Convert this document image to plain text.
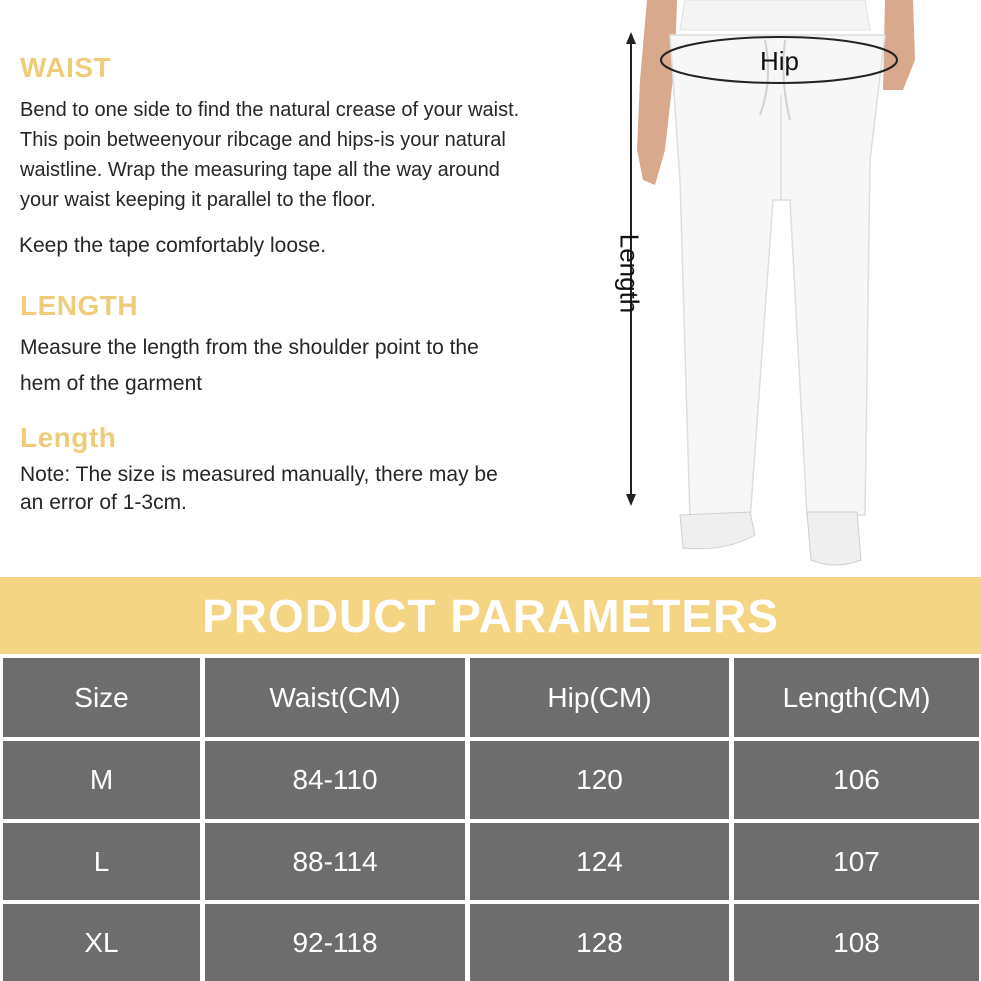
WAIST
Bend to one side to find the natural crease of your waist.
This poin betweenyour ribcage and hips-is your natural
waistline. Wrap the measuring tape all the way around
your waist keeping it parallel to the floor.
Keep the tape comfortably loose.
LENGTH
Measure the length from the shoulder point to the
hem of the garment
Length
Note: The size is measured manually, there may be
an error of 1-3cm.
Hip
Length
PRODUCT PARAMETERS
Size	Waist(CM)	Hip(CM)	Length(CM)
M	84-110	120	106
L	88-114	124	107
XL	92-118	128	108
